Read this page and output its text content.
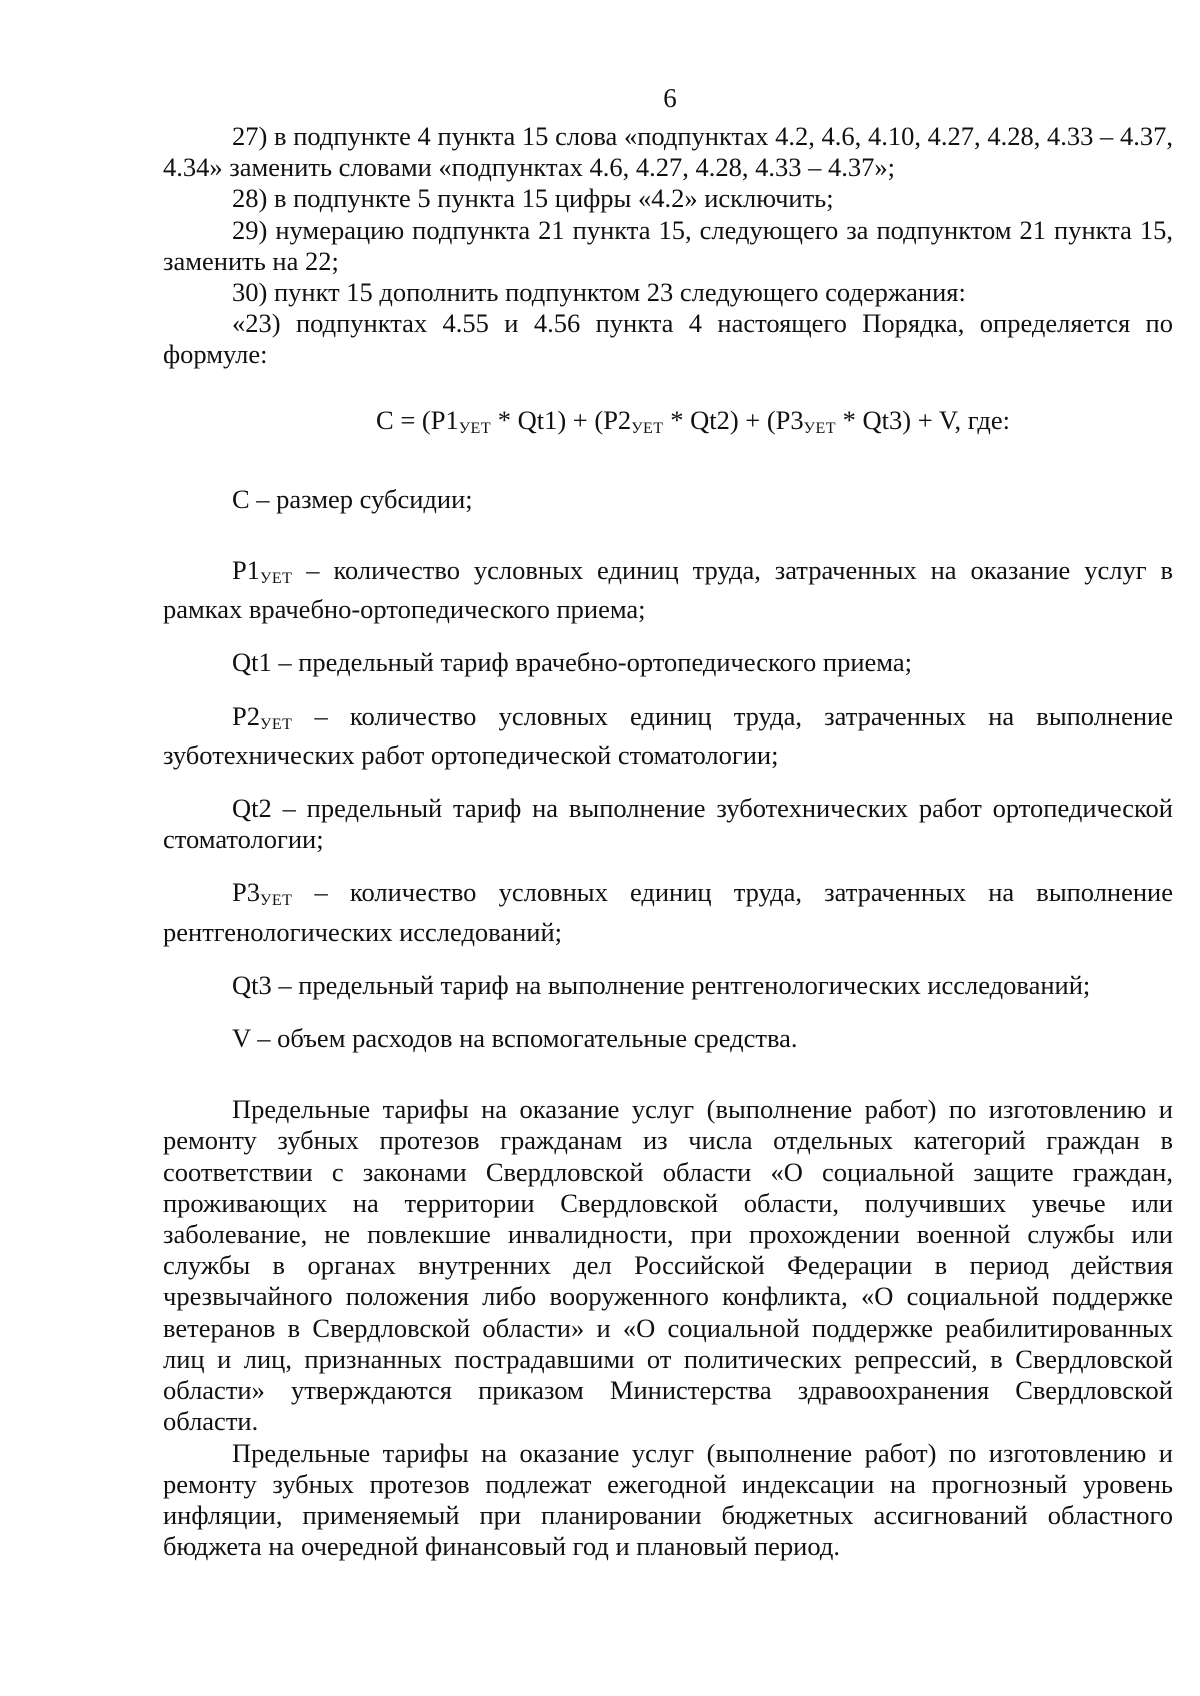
6

27) в подпункте 4 пункта 15 слова «подпунктах 4.2, 4.6, 4.10, 4.27, 4.28, 4.33 – 4.37, 4.34» заменить словами «подпунктах 4.6, 4.27, 4.28, 4.33 – 4.37»;

28) в подпункте 5 пункта 15 цифры «4.2» исключить;

29) нумерацию подпункта 21 пункта 15, следующего за подпунктом 21 пункта 15, заменить на 22;

30) пункт 15 дополнить подпунктом 23 следующего содержания:

«23) подпунктах 4.55 и 4.56 пункта 4 настоящего Порядка, определяется по формуле:

$C = (P1_{УЕТ} * Qt1) + (P2_{УЕТ} * Qt2) + (P3_{УЕТ} * Qt3) + V$, где:

C – размер субсидии;

$P1_{УЕТ}$ – количество условных единиц труда, затраченных на оказание услуг в рамках врачебно-ортопедического приема;

Qt1 – предельный тариф врачебно-ортопедического приема;

$P2_{УЕТ}$ – количество условных единиц труда, затраченных на выполнение зуботехнических работ ортопедической стоматологии;

Qt2 – предельный тариф на выполнение зуботехнических работ ортопедической стоматологии;

$P3_{УЕТ}$ – количество условных единиц труда, затраченных на выполнение рентгенологических исследований;

Qt3 – предельный тариф на выполнение рентгенологических исследований;

V – объем расходов на вспомогательные средства.

Предельные тарифы на оказание услуг (выполнение работ) по изготовлению и ремонту зубных протезов гражданам из числа отдельных категорий граждан в соответствии с законами Свердловской области «О социальной защите граждан, проживающих на территории Свердловской области, получивших увечье или заболевание, не повлекшие инвалидности, при прохождении военной службы или службы в органах внутренних дел Российской Федерации в период действия чрезвычайного положения либо вооруженного конфликта, «О социальной поддержке ветеранов в Свердловской области» и «О социальной поддержке реабилитированных лиц и лиц, признанных пострадавшими от политических репрессий, в Свердловской области» утверждаются приказом Министерства здравоохранения Свердловской области.

Предельные тарифы на оказание услуг (выполнение работ) по изготовлению и ремонту зубных протезов подлежат ежегодной индексации на прогнозный уровень инфляции, применяемый при планировании бюджетных ассигнований областного бюджета на очередной финансовый год и плановый период.
